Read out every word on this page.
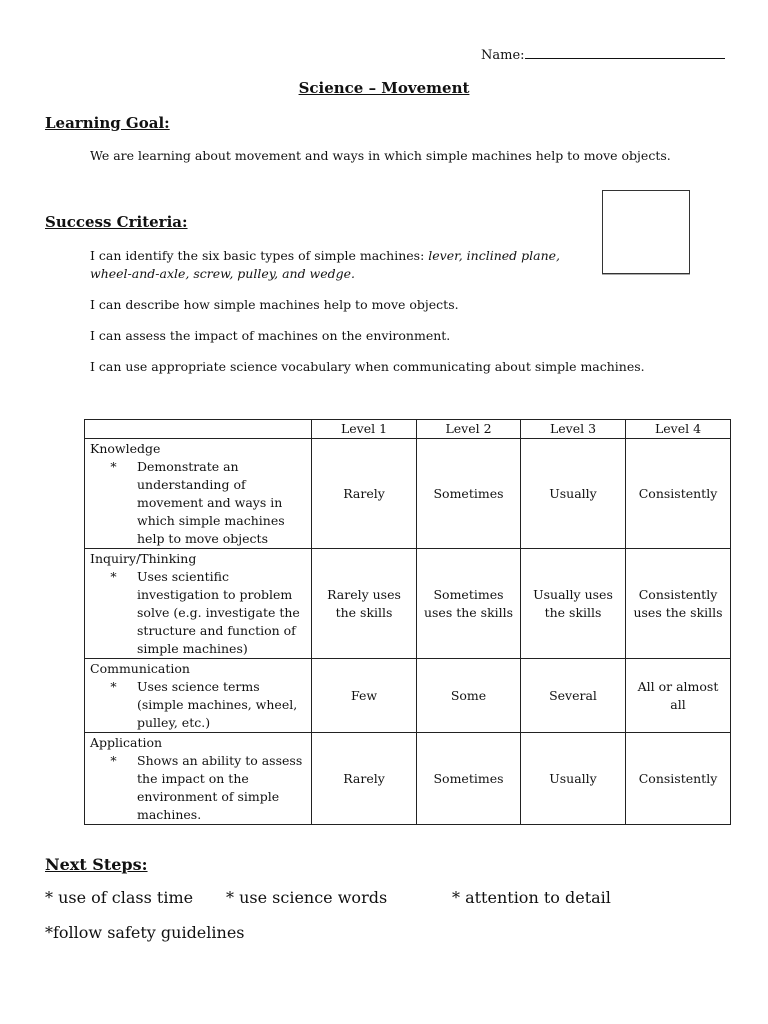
Name:
Science – Movement
Learning Goal:
We are learning about movement and ways in which simple machines help to move objects.
Success Criteria:
I can identify the six basic types of simple machines: lever, inclined plane,
wheel-and-axle, screw, pulley, and wedge.
I can describe how simple machines help to move objects.
I can assess the impact of machines on the environment.
I can use appropriate science vocabulary when communicating about simple machines.
	Level 1	Level 2	Level 3	Level 4

Knowledge
* Demonstrate an understanding of movement and ways in which simple machines help to move objects	Rarely	Sometimes	Usually	Consistently

Inquiry/Thinking
* Uses scientific investigation to problem solve (e.g. investigate the structure and function of simple machines)	Rarely uses the skills	Sometimes uses the skills	Usually uses the skills	Consistently uses the skills

Communication
* Uses science terms (simple machines, wheel, pulley, etc.)	Few	Some	Several	All or almost all

Application
* Shows an ability to assess the impact on the environment of simple machines.	Rarely	Sometimes	Usually	Consistently
Next Steps:
* use of class time * use science words	* attention to detail
*follow safety guidelines
